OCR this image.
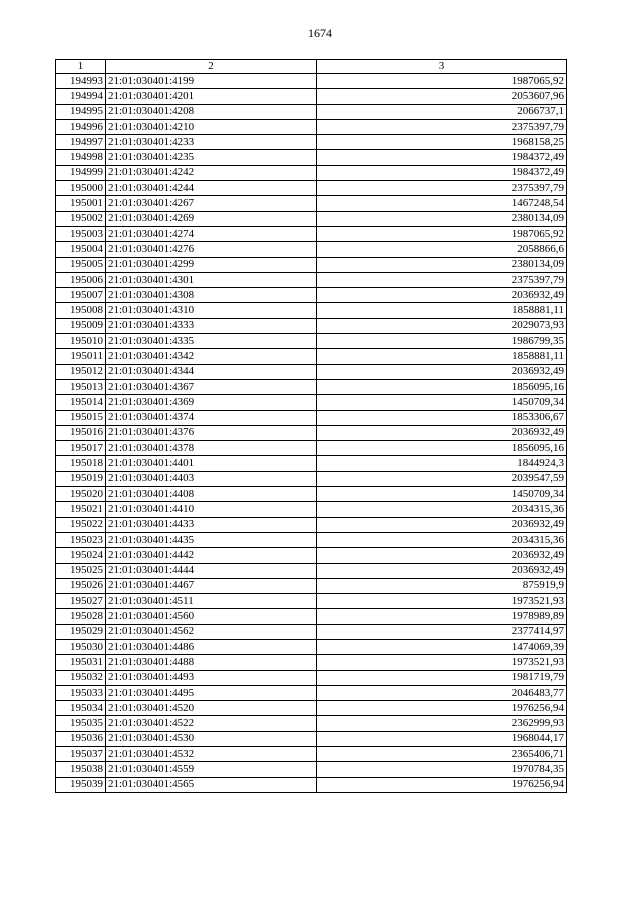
1674
1	2	3
194993	21:01:030401:4199	1987065,92
194994	21:01:030401:4201	2053607,96
194995	21:01:030401:4208	2066737,1
194996	21:01:030401:4210	2375397,79
194997	21:01:030401:4233	1968158,25
194998	21:01:030401:4235	1984372,49
194999	21:01:030401:4242	1984372,49
195000	21:01:030401:4244	2375397,79
195001	21:01:030401:4267	1467248,54
195002	21:01:030401:4269	2380134,09
195003	21:01:030401:4274	1987065,92
195004	21:01:030401:4276	2058866,6
195005	21:01:030401:4299	2380134,09
195006	21:01:030401:4301	2375397,79
195007	21:01:030401:4308	2036932,49
195008	21:01:030401:4310	1858881,11
195009	21:01:030401:4333	2029073,93
195010	21:01:030401:4335	1986799,35
195011	21:01:030401:4342	1858881,11
195012	21:01:030401:4344	2036932,49
195013	21:01:030401:4367	1856095,16
195014	21:01:030401:4369	1450709,34
195015	21:01:030401:4374	1853306,67
195016	21:01:030401:4376	2036932,49
195017	21:01:030401:4378	1856095,16
195018	21:01:030401:4401	1844924,3
195019	21:01:030401:4403	2039547,59
195020	21:01:030401:4408	1450709,34
195021	21:01:030401:4410	2034315,36
195022	21:01:030401:4433	2036932,49
195023	21:01:030401:4435	2034315,36
195024	21:01:030401:4442	2036932,49
195025	21:01:030401:4444	2036932,49
195026	21:01:030401:4467	875919,9
195027	21:01:030401:4511	1973521,93
195028	21:01:030401:4560	1978989,89
195029	21:01:030401:4562	2377414,97
195030	21:01:030401:4486	1474069,39
195031	21:01:030401:4488	1973521,93
195032	21:01:030401:4493	1981719,79
195033	21:01:030401:4495	2046483,77
195034	21:01:030401:4520	1976256,94
195035	21:01:030401:4522	2362999,93
195036	21:01:030401:4530	1968044,17
195037	21:01:030401:4532	2365406,71
195038	21:01:030401:4559	1970784,35
195039	21:01:030401:4565	1976256,94
